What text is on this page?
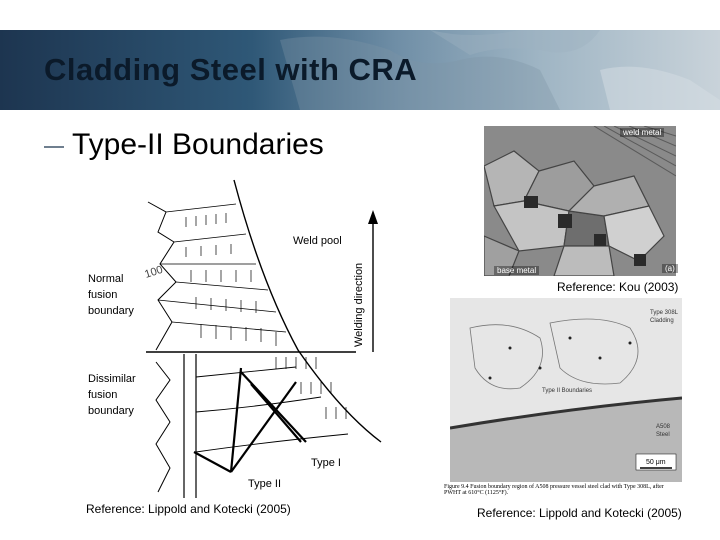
Cladding Steel with CRA
Type-II Boundaries
100	Welding direction
Weld pool
Normal
fusion
boundary
Dissimilar
fusion
boundary
Type I
Type II
Reference: Lippold and Kotecki (2005)
weld metal
base metal	(a)
Reference: Kou (2003)
50 μm
Type II Boundaries
Type 308L
Cladding
A508
Steel
Figure 9.4 Fusion boundary region of A508 pressure vessel steel clad with Type 308L, after
PWHT at 610°C (1125°F).
Reference: Lippold and Kotecki (2005)
